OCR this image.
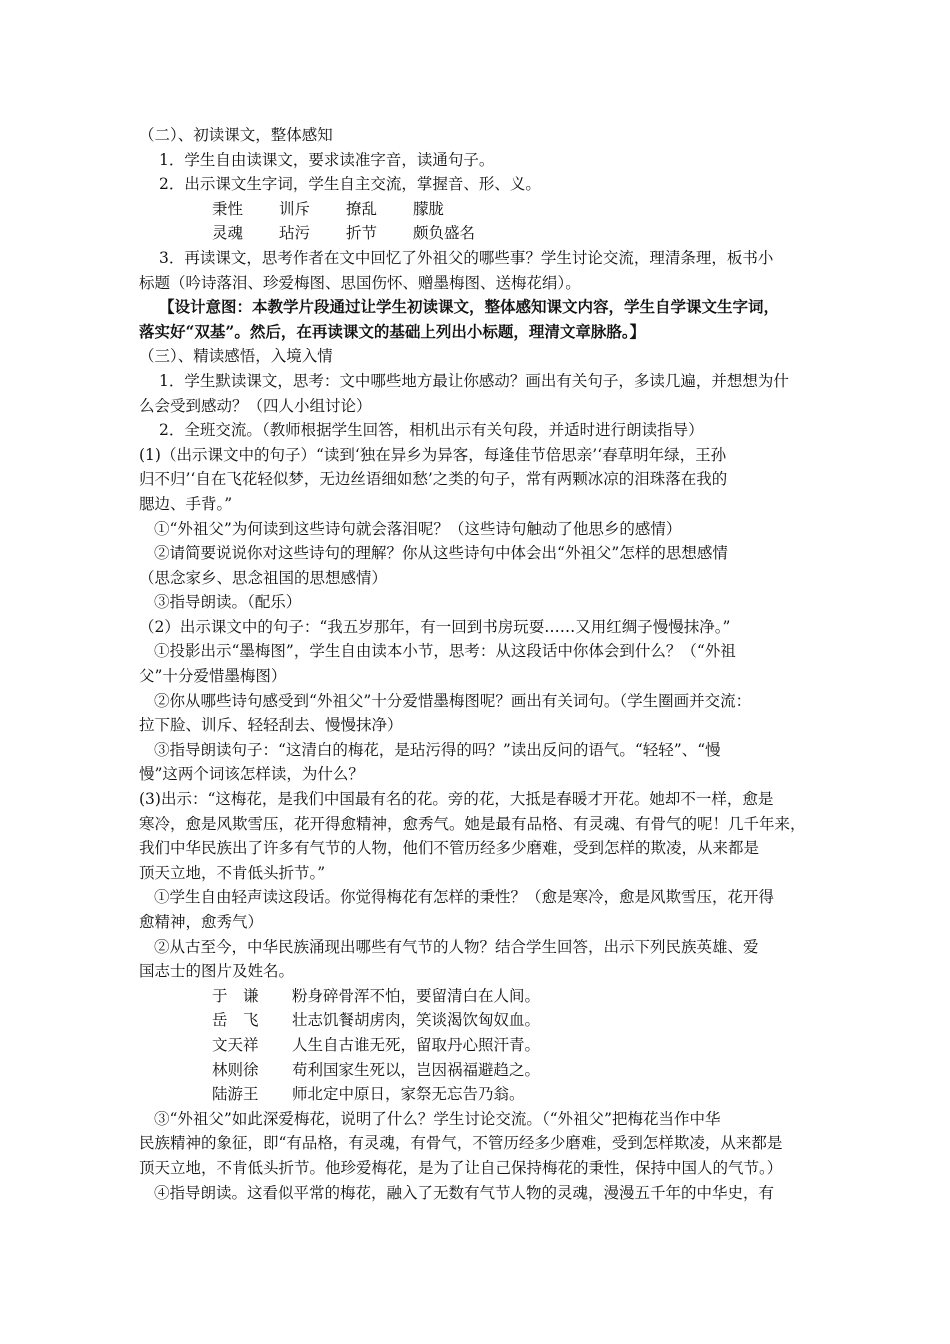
（二）、初读课文，整体感知
1．学生自由读课文，要求读准字音，读通句子。
2．出示课文生字词，学生自主交流，掌握音、形、义。
秉性 训斥 撩乱 朦胧
灵魂 玷污 折节 颇负盛名
3．再读课文，思考作者在文中回忆了外祖父的哪些事？学生讨论交流，理清条理，板书小
标题（吟诗落泪、珍爱梅图、思国伤怀、赠墨梅图、送梅花绢）。
【设计意图：本教学片段通过让学生初读课文，整体感知课文内容，学生自学课文生字词，
落实好“双基”。然后，在再读课文的基础上列出小标题，理清文章脉胳。】
（三）、精读感悟，入境入情
1．学生默读课文，思考：文中哪些地方最让你感动？画出有关句子，多读几遍，并想想为什
么会受到感动？（四人小组讨论）
2．全班交流。（教师根据学生回答，相机出示有关句段，并适时进行朗读指导）
(1)（出示课文中的句子）“读到‘独在异乡为异客，每逢佳节倍思亲’‘春草明年绿，王孙
归不归’‘自在飞花轻似梦，无边丝语细如愁’之类的句子，常有两颗冰凉的泪珠落在我的
腮边、手背。”
①“外祖父”为何读到这些诗句就会落泪呢？（这些诗句触动了他思乡的感情）
②请简要说说你对这些诗句的理解？你从这些诗句中体会出“外祖父”怎样的思想感情
（思念家乡、思念祖国的思想感情）
③指导朗读。（配乐）
（2）出示课文中的句子：“我五岁那年，有一回到书房玩耍……又用红绸子慢慢抹净。”
①投影出示“墨梅图”，学生自由读本小节，思考：从这段话中你体会到什么？（“外祖
父”十分爱惜墨梅图）
②你从哪些诗句感受到“外祖父”十分爱惜墨梅图呢？画出有关词句。（学生圈画并交流：
拉下脸、训斥、轻轻刮去、慢慢抹净）
③指导朗读句子：“这清白的梅花，是玷污得的吗？”读出反问的语气。“轻轻”、“慢
慢”这两个词该怎样读，为什么？
(3)出示：“这梅花，是我们中国最有名的花。旁的花，大抵是春暖才开花。她却不一样，愈是
寒冷，愈是风欺雪压，花开得愈精神，愈秀气。她是最有品格、有灵魂、有骨气的呢！几千年来，
我们中华民族出了许多有气节的人物，他们不管历经多少磨难，受到怎样的欺凌，从来都是
顶天立地，不肯低头折节。”
①学生自由轻声读这段话。你觉得梅花有怎样的秉性？（愈是寒冷，愈是风欺雪压，花开得
愈精神，愈秀气）
②从古至今，中华民族涌现出哪些有气节的人物？结合学生回答，出示下列民族英雄、爱
国志士的图片及姓名。
于　谦 粉身碎骨浑不怕，要留清白在人间。
岳　飞 壮志饥餐胡虏肉，笑谈渴饮匈奴血。
文天祥 人生自古谁无死，留取丹心照汗青。
林则徐 苟利国家生死以，岂因祸福避趋之。
陆游王 师北定中原日，家祭无忘告乃翁。
③“外祖父”如此深爱梅花，说明了什么？学生讨论交流。（“外祖父”把梅花当作中华
民族精神的象征，即“有品格，有灵魂，有骨气，不管历经多少磨难，受到怎样欺凌，从来都是
顶天立地，不肯低头折节。他珍爱梅花，是为了让自己保持梅花的秉性，保持中国人的气节。）
④指导朗读。这看似平常的梅花，融入了无数有气节人物的灵魂，漫漫五千年的中华史，有
